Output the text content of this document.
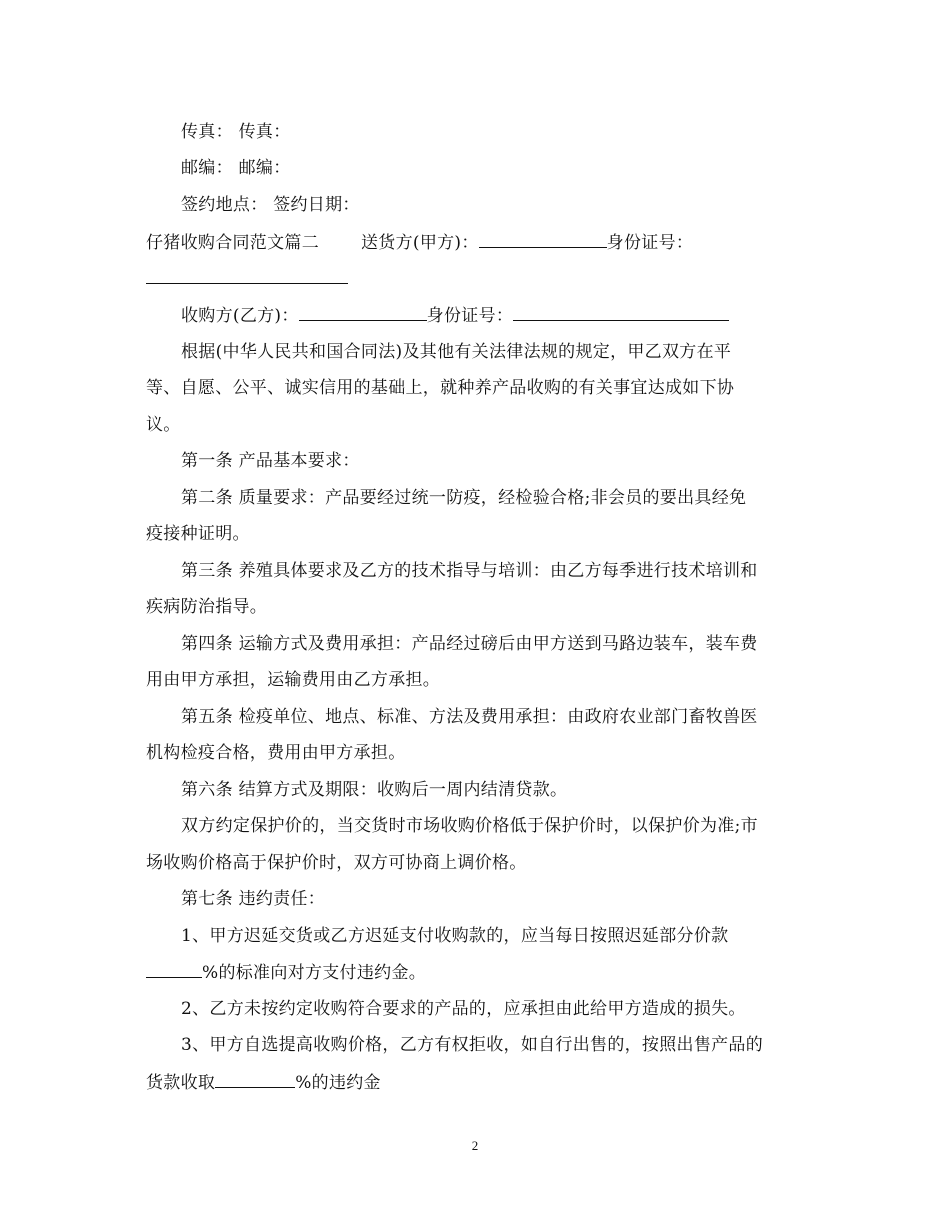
传真： 传真：
邮编： 邮编：
签约地点： 签约日期：
仔猪收购合同范文篇二 送货方(甲方)：	身份证号：
收购方(乙方)：	身份证号：
根据(中华人民共和国合同法)及其他有关法律法规的规定，甲乙双方在平
等、自愿、公平、诚实信用的基础上，就种养产品收购的有关事宜达成如下协
议。
第一条 产品基本要求：
第二条 质量要求：产品要经过统一防疫，经检验合格;非会员的要出具经免
疫接种证明。
第三条 养殖具体要求及乙方的技术指导与培训：由乙方每季进行技术培训和
疾病防治指导。
第四条 运输方式及费用承担：产品经过磅后由甲方送到马路边装车，装车费
用由甲方承担，运输费用由乙方承担。
第五条 检疫单位、地点、标准、方法及费用承担：由政府农业部门畜牧兽医
机构检疫合格，费用由甲方承担。
第六条 结算方式及期限：收购后一周内结清贷款。
双方约定保护价的，当交货时市场收购价格低于保护价时，以保护价为准;市
场收购价格高于保护价时，双方可协商上调价格。
第七条 违约责任：
1、甲方迟延交货或乙方迟延支付收购款的，应当每日按照迟延部分价款
%的标准向对方支付违约金。
2、乙方未按约定收购符合要求的产品的，应承担由此给甲方造成的损失。
3、甲方自选提高收购价格，乙方有权拒收，如自行出售的，按照出售产品的
货款收取	%的违约金
2
